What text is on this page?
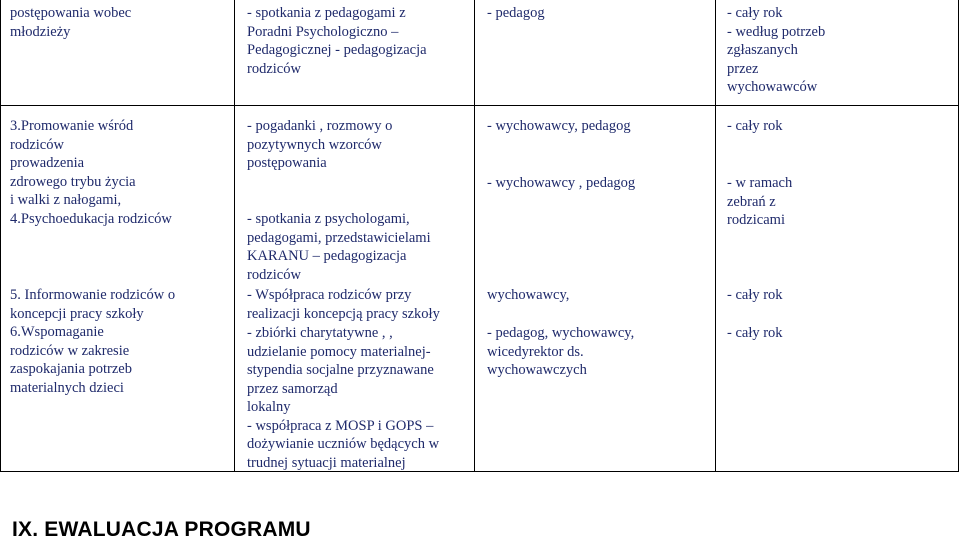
postępowania wobec
młodzieży
- spotkania z pedagogami z
Poradni Psychologiczno –
Pedagogicznej - pedagogizacja
rodziców
- pedagog	- cały rok
- według potrzeb
zgłaszanych
przez
wychowawców
3.Promowanie wśród
rodziców
prowadzenia
zdrowego trybu życia
i walki z nałogami,
4.Psychoedukacja rodziców
- pogadanki , rozmowy o
pozytywnych wzorców
postępowania
- spotkania z psychologami,
pedagogami, przedstawicielami
KARANU – pedagogizacja
rodziców
- wychowawcy, pedagog
- wychowawcy , pedagog
- cały rok
- w ramach
zebrań z
rodzicami
5. Informowanie rodziców o
koncepcji pracy szkoły
- Współpraca rodziców przy
realizacji koncepcją pracy szkoły
wychowawcy,	- cały rok
6.Wspomaganie
rodziców w zakresie
zaspokajania potrzeb
materialnych dzieci
- zbiórki charytatywne , ,
udzielanie pomocy materialnej-
stypendia socjalne przyznawane
przez samorząd
lokalny
- współpraca z MOSP i GOPS –
dożywianie uczniów będących w
trudnej sytuacji materialnej
- pedagog, wychowawcy,
wicedyrektor ds.
wychowawczych
- cały rok
IX. EWALUACJA PROGRAMU
